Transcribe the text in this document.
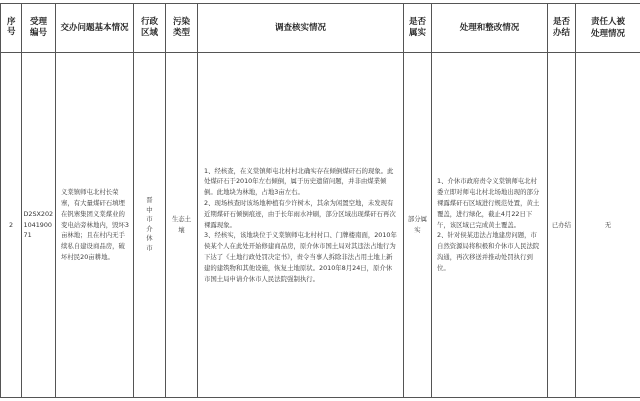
序号	受理编号	交办问题基本情况	行政区域	污染类型	调查核实情况	是否属实	处理和整改情况	是否办结	责任人被处理情况
2	D2SX202104190071	义棠镇师屯北村长荣寨，有大量煤矸石填埋在钒寨集团义棠煤业的变电站旁林地内，毁坏3亩林地；且在村内无手续私自建设商品房，破坏村民20亩耕地。	晋中市介休市	生态土壤	1、经核查，在义棠镇师屯北村村北确实存在倾倒煤矸石的现象。此处煤矸石于2010年左右倾倒，属于历史遗留问题，并非由煤業倾倒。此地块为林地，占地3亩左右。
2、现场核查时该场地种植有少许树木，其余为闲置空地，未发现有近期煤矸石倾倒痕迹，由于长年雨水冲刷，部分区域出现煤矸石再次裸露现象。
3、经核实，该地块位于义棠镇师屯北村村口、门牌楼南面，2010年侯某个人在此处开始修建商品房，原介休市国土局对其违法占地行为下达了《土地行政处罚决定书》，责令当事人拆除非法占用土地上新建的建筑物和其他设施，恢复土地原状。2010年8月24日，原介休市国土局申请介休市人民法院强制执行。	部分属实	1、介休市政府责令义棠镇师屯北村委立即对师屯北村北场地出现的部分裸露煤矸石区域进行规范处置，黄土覆盖，进行绿化，截止4月22日下午，该区域已完成黄土覆盖。
2、针对侯某违法占地建房问题，市自然资源局将积极和介休市人民法院沟通，再次移送并推动处罚执行到位。	已办结	无
